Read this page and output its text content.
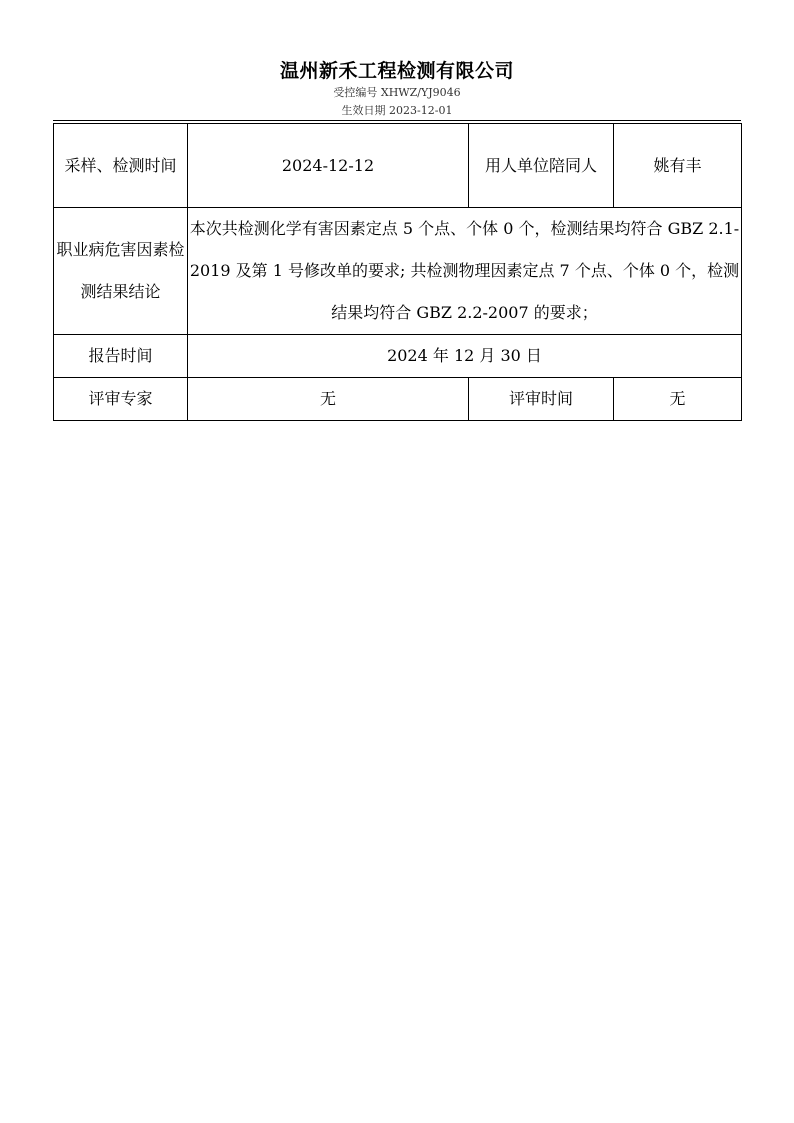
温州新禾工程检测有限公司
受控编号 XHWZ/YJ9046
生效日期 2023-12-01
采样、检测时间	2024-12-12	用人单位陪同人	姚有丰
职业病危害因素检测结果结论	本次共检测化学有害因素定点 5 个点、个体 0 个，检测结果均符合 GBZ 2.1-2019 及第 1 号修改单的要求; 共检测物理因素定点 7 个点、个体 0 个，检测结果均符合 GBZ 2.2-2007 的要求；		
报告时间	2024 年 12 月 30 日		
评审专家	无	评审时间	无
